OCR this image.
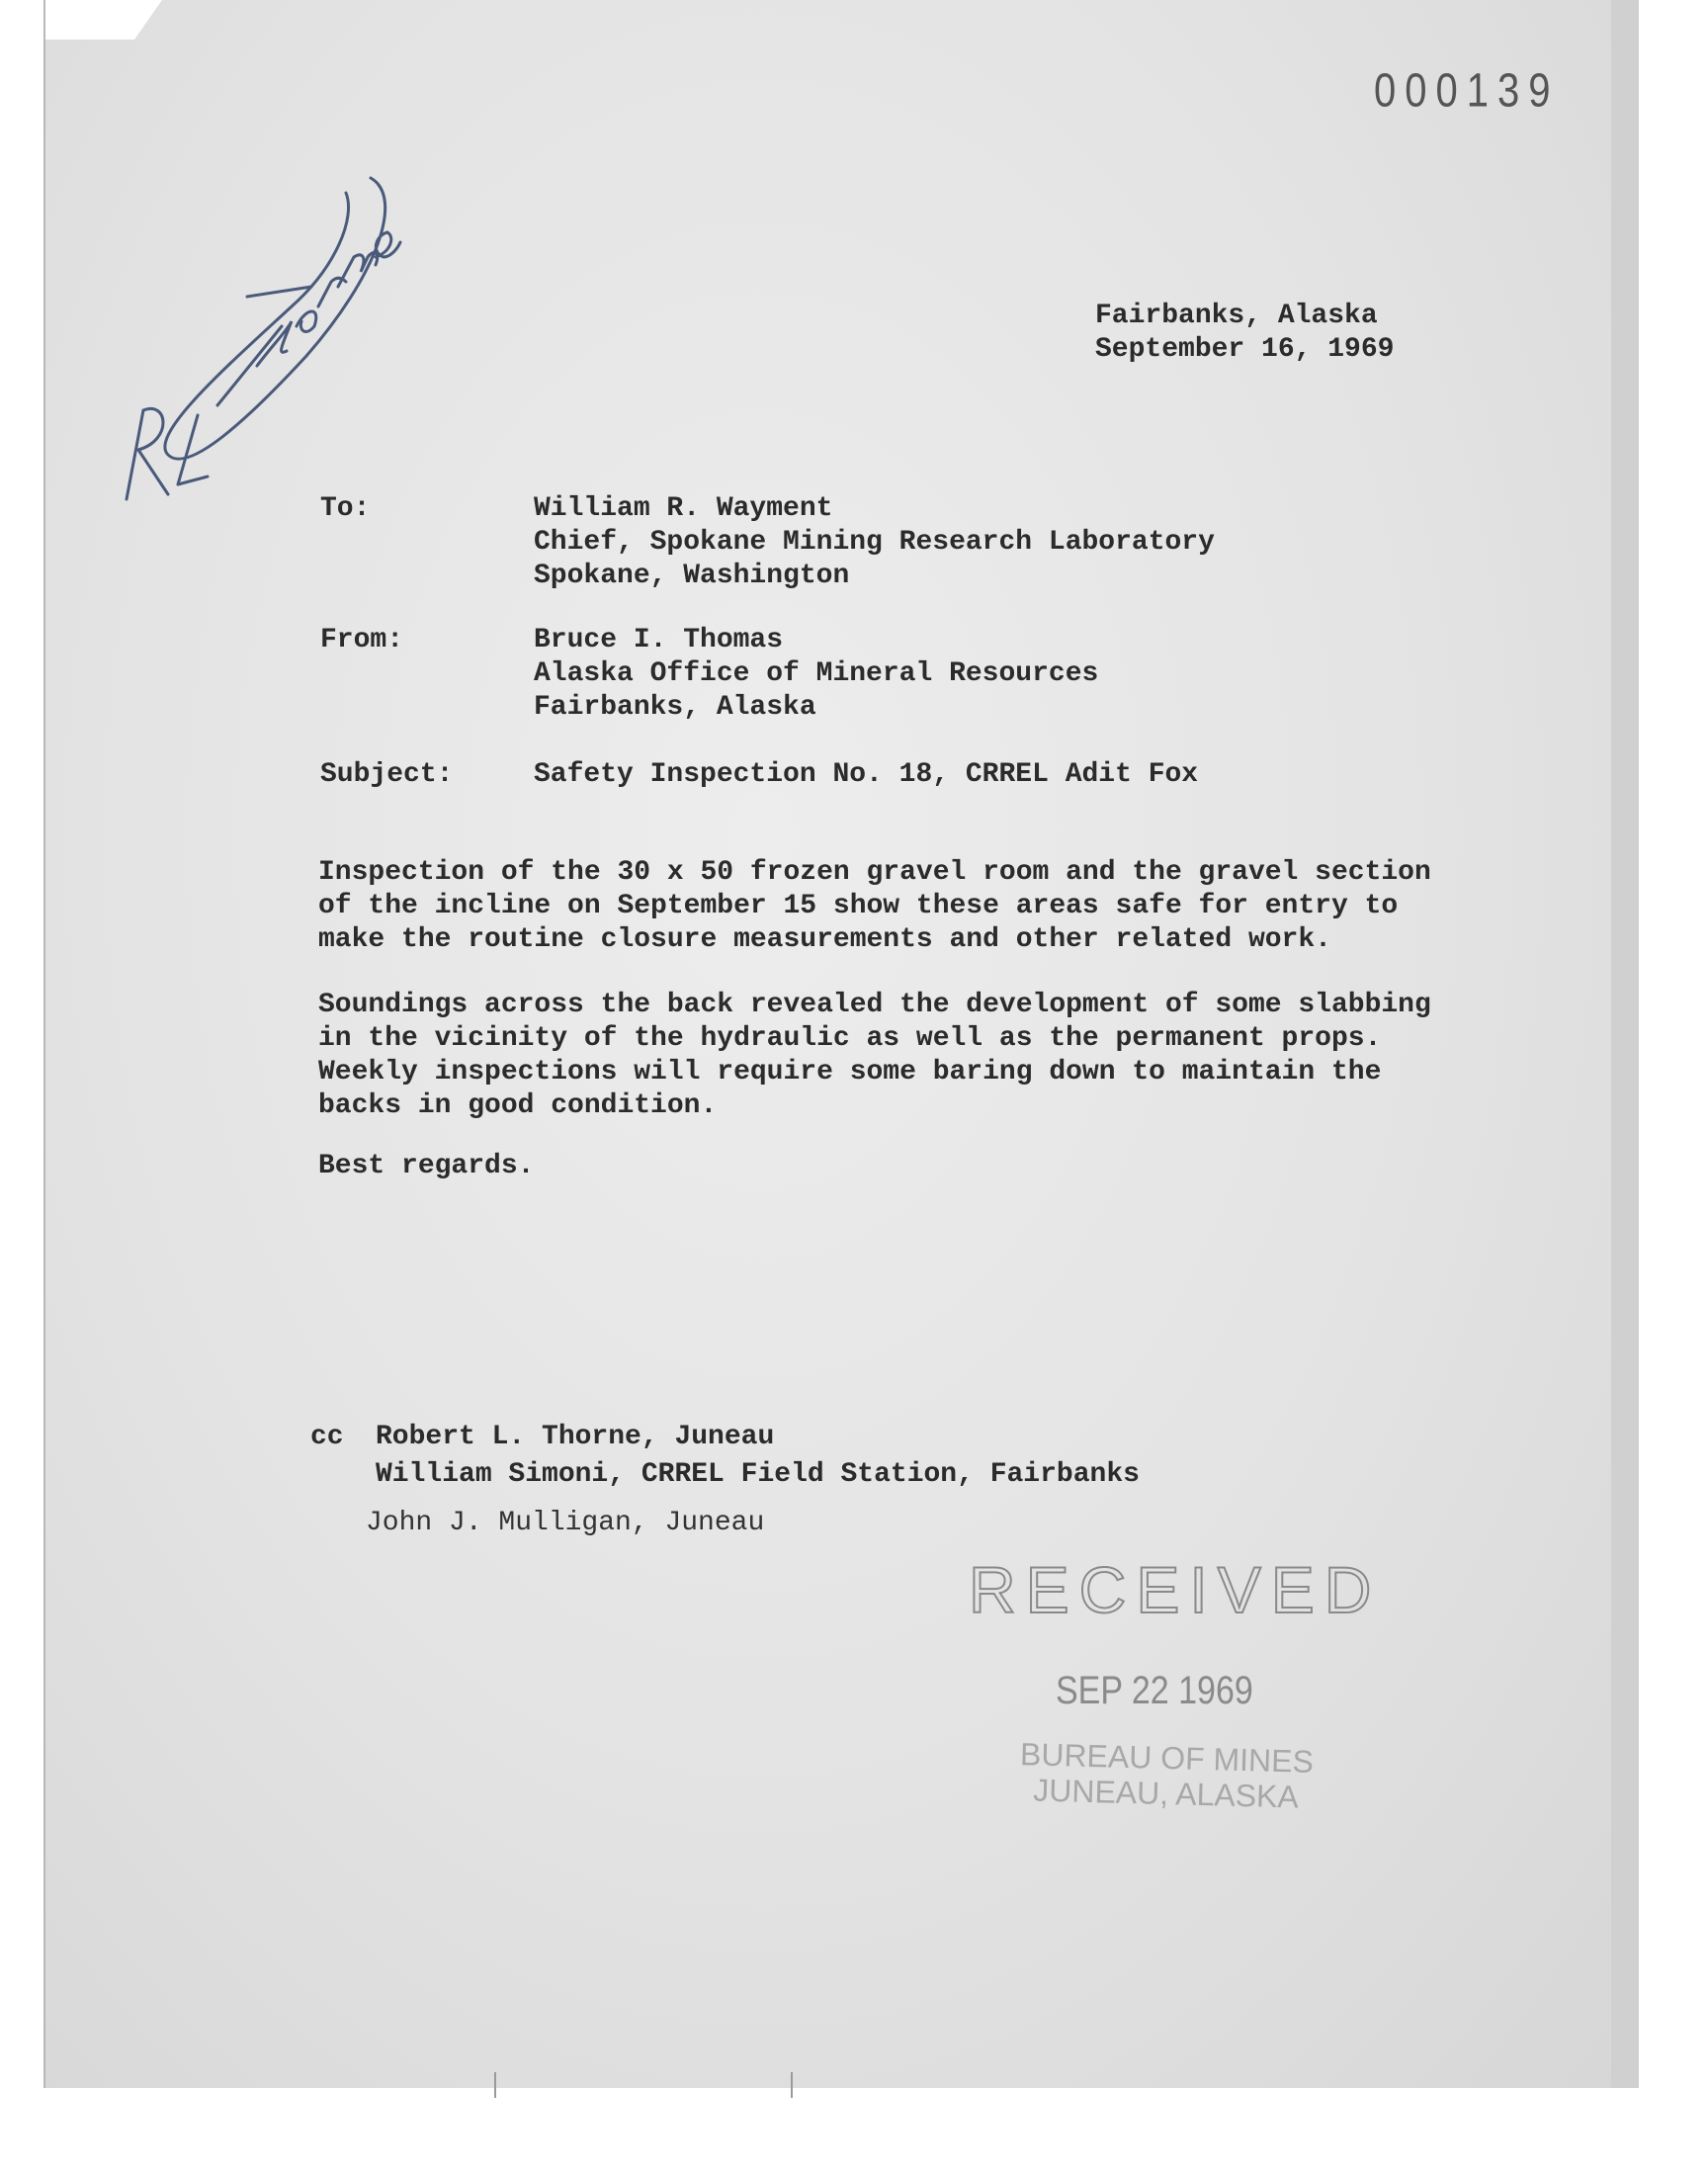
000139
Fairbanks, Alaska
September 16, 1969
To:	William R. Wayment
Chief, Spokane Mining Research Laboratory
Spokane, Washington
From:	Bruce I. Thomas
Alaska Office of Mineral Resources
Fairbanks, Alaska
Subject:	Safety Inspection No. 18, CRREL Adit Fox

Inspection of the 30 x 50 frozen gravel room and the gravel section

of the incline on September 15 show these areas safe for entry to

make the routine closure measurements and other related work.

Soundings across the back revealed the development of some slabbing

in the vicinity of the hydraulic as well as the permanent props.

Weekly inspections will require some baring down to maintain the

backs in good condition.

Best regards.
cc Robert L. Thorne, Juneau
William Simoni, CRREL Field Station, Fairbanks
John J. Mulligan, Juneau
RECEIVED
SEP 22 1969
BUREAU OF MINES
JUNEAU, ALASKA
